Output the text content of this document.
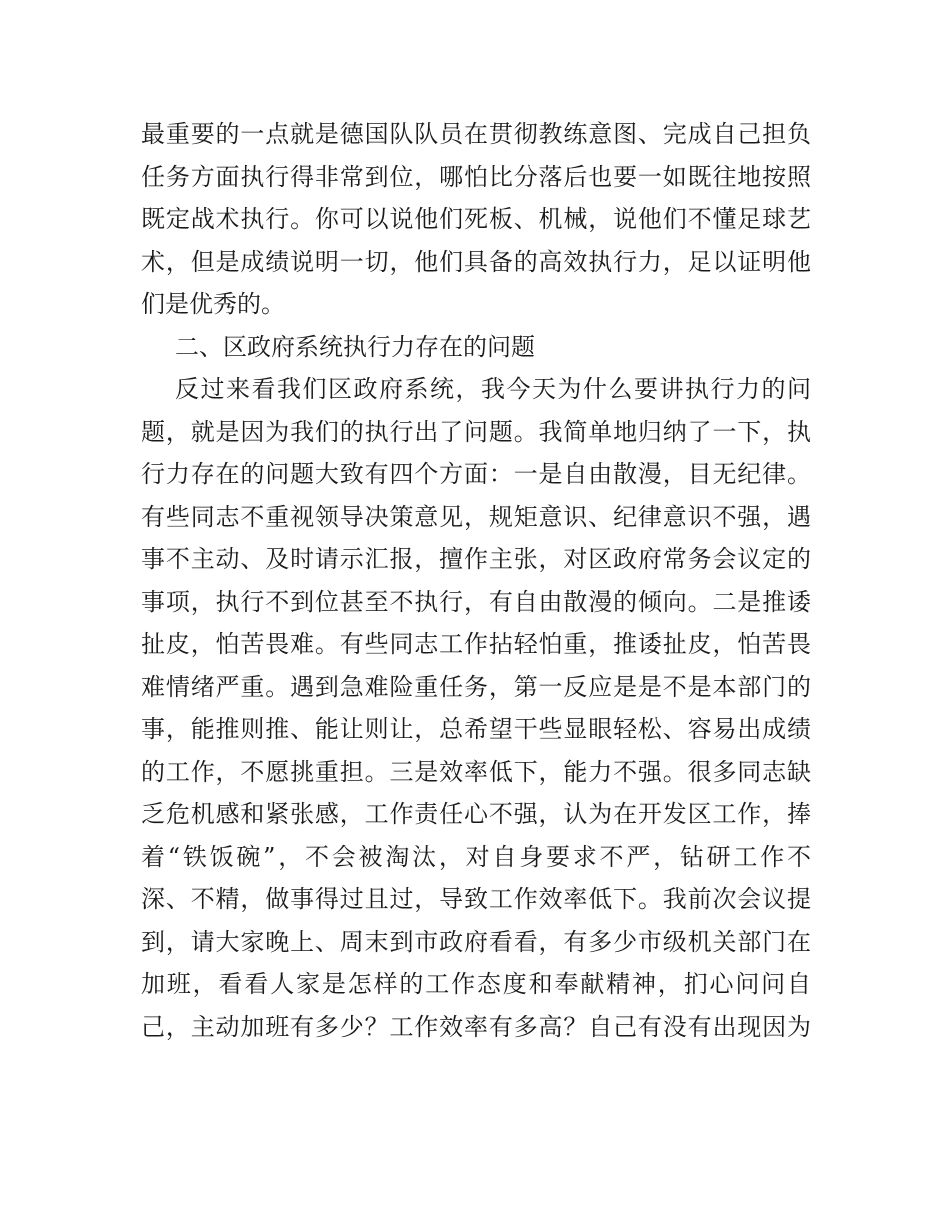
最重要的一点就是德国队队员在贯彻教练意图、完成自己担负
任务方面执行得非常到位，哪怕比分落后也要一如既往地按照
既定战术执行。你可以说他们死板、机械，说他们不懂足球艺
术，但是成绩说明一切，他们具备的高效执行力，足以证明他
们是优秀的。
二、区政府系统执行力存在的问题
反过来看我们区政府系统，我今天为什么要讲执行力的问
题，就是因为我们的执行出了问题。我简单地归纳了一下，执
行力存在的问题大致有四个方面：一是自由散漫，目无纪律。
有些同志不重视领导决策意见，规矩意识、纪律意识不强，遇
事不主动、及时请示汇报，擅作主张，对区政府常务会议定的
事项，执行不到位甚至不执行，有自由散漫的倾向。二是推诿
扯皮，怕苦畏难。有些同志工作拈轻怕重，推诿扯皮，怕苦畏
难情绪严重。遇到急难险重任务，第一反应是是不是本部门的
事，能推则推、能让则让，总希望干些显眼轻松、容易出成绩
的工作，不愿挑重担。三是效率低下，能力不强。很多同志缺
乏危机感和紧张感，工作责任心不强，认为在开发区工作，捧
着“铁饭碗”，不会被淘汰，对自身要求不严，钻研工作不
深、不精，做事得过且过，导致工作效率低下。我前次会议提
到，请大家晚上、周末到市政府看看，有多少市级机关部门在
加班，看看人家是怎样的工作态度和奉献精神，扪心问问自
己，主动加班有多少？工作效率有多高？自己有没有出现因为
